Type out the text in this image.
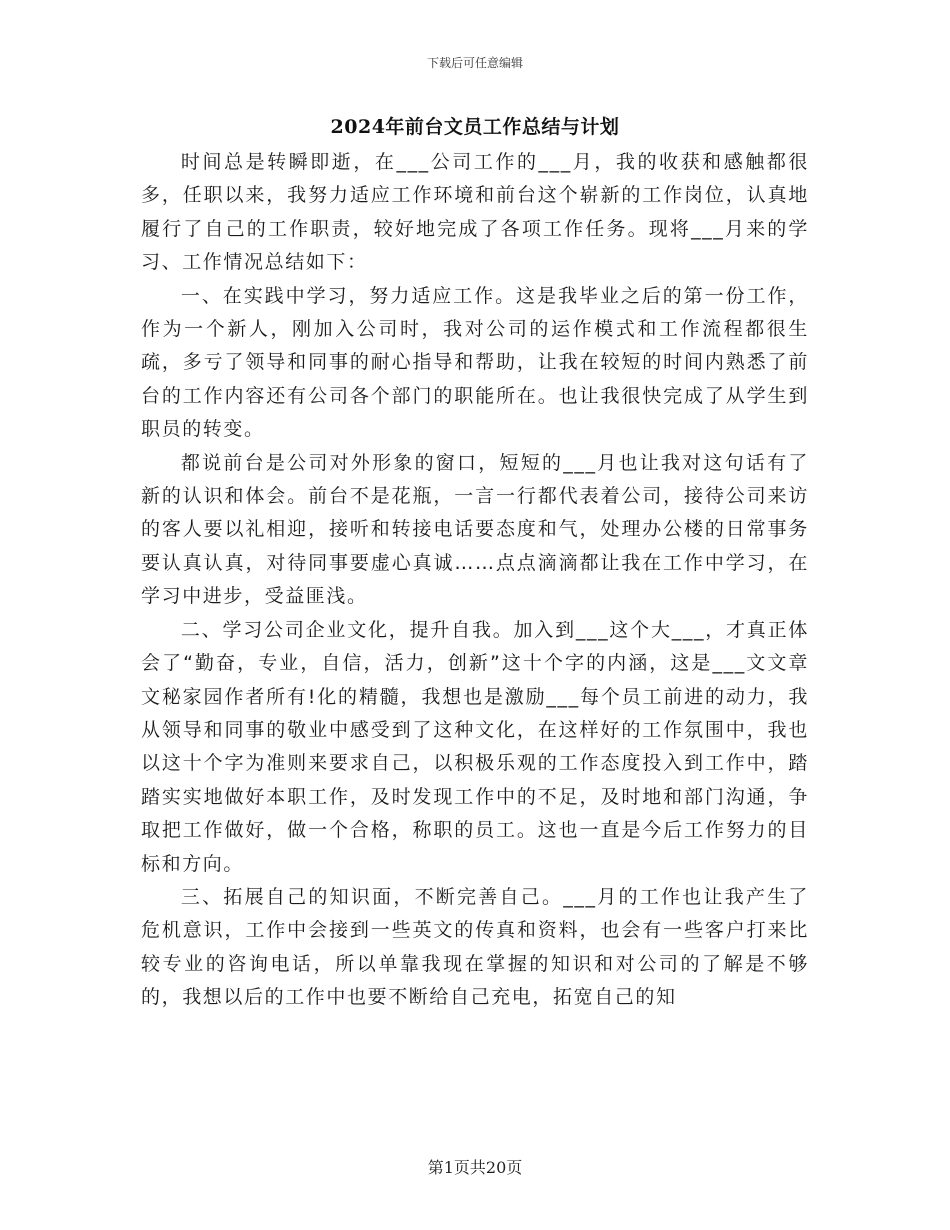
下载后可任意编辑
2024年前台文员工作总结与计划

时间总是转瞬即逝，在___公司工作的___月，我的收获和感触都很多，任职以来，我努力适应工作环境和前台这个崭新的工作岗位，认真地履行了自己的工作职责，较好地完成了各项工作任务。现将___月来的学习、工作情况总结如下：

一、在实践中学习，努力适应工作。这是我毕业之后的第一份工作，作为一个新人，刚加入公司时，我对公司的运作模式和工作流程都很生疏，多亏了领导和同事的耐心指导和帮助，让我在较短的时间内熟悉了前台的工作内容还有公司各个部门的职能所在。也让我很快完成了从学生到职员的转变。

都说前台是公司对外形象的窗口，短短的___月也让我对这句话有了新的认识和体会。前台不是花瓶，一言一行都代表着公司，接待公司来访的客人要以礼相迎，接听和转接电话要态度和气，处理办公楼的日常事务要认真认真，对待同事要虚心真诚……点点滴滴都让我在工作中学习，在学习中进步，受益匪浅。

二、学习公司企业文化，提升自我。加入到___这个大___，才真正体会了“勤奋，专业，自信，活力，创新”这十个字的内涵，这是___文文章文秘家园作者所有!化的精髓，我想也是激励___每个员工前进的动力，我从领导和同事的敬业中感受到了这种文化，在这样好的工作氛围中，我也以这十个字为准则来要求自己，以积极乐观的工作态度投入到工作中，踏踏实实地做好本职工作，及时发现工作中的不足，及时地和部门沟通，争取把工作做好，做一个合格，称职的员工。这也一直是今后工作努力的目标和方向。

三、拓展自己的知识面，不断完善自己。___月的工作也让我产生了危机意识，工作中会接到一些英文的传真和资料，也会有一些客户打来比较专业的咨询电话，所以单靠我现在掌握的知识和对公司的了解是不够的，我想以后的工作中也要不断给自己充电，拓宽自己的知

第1页共20页
